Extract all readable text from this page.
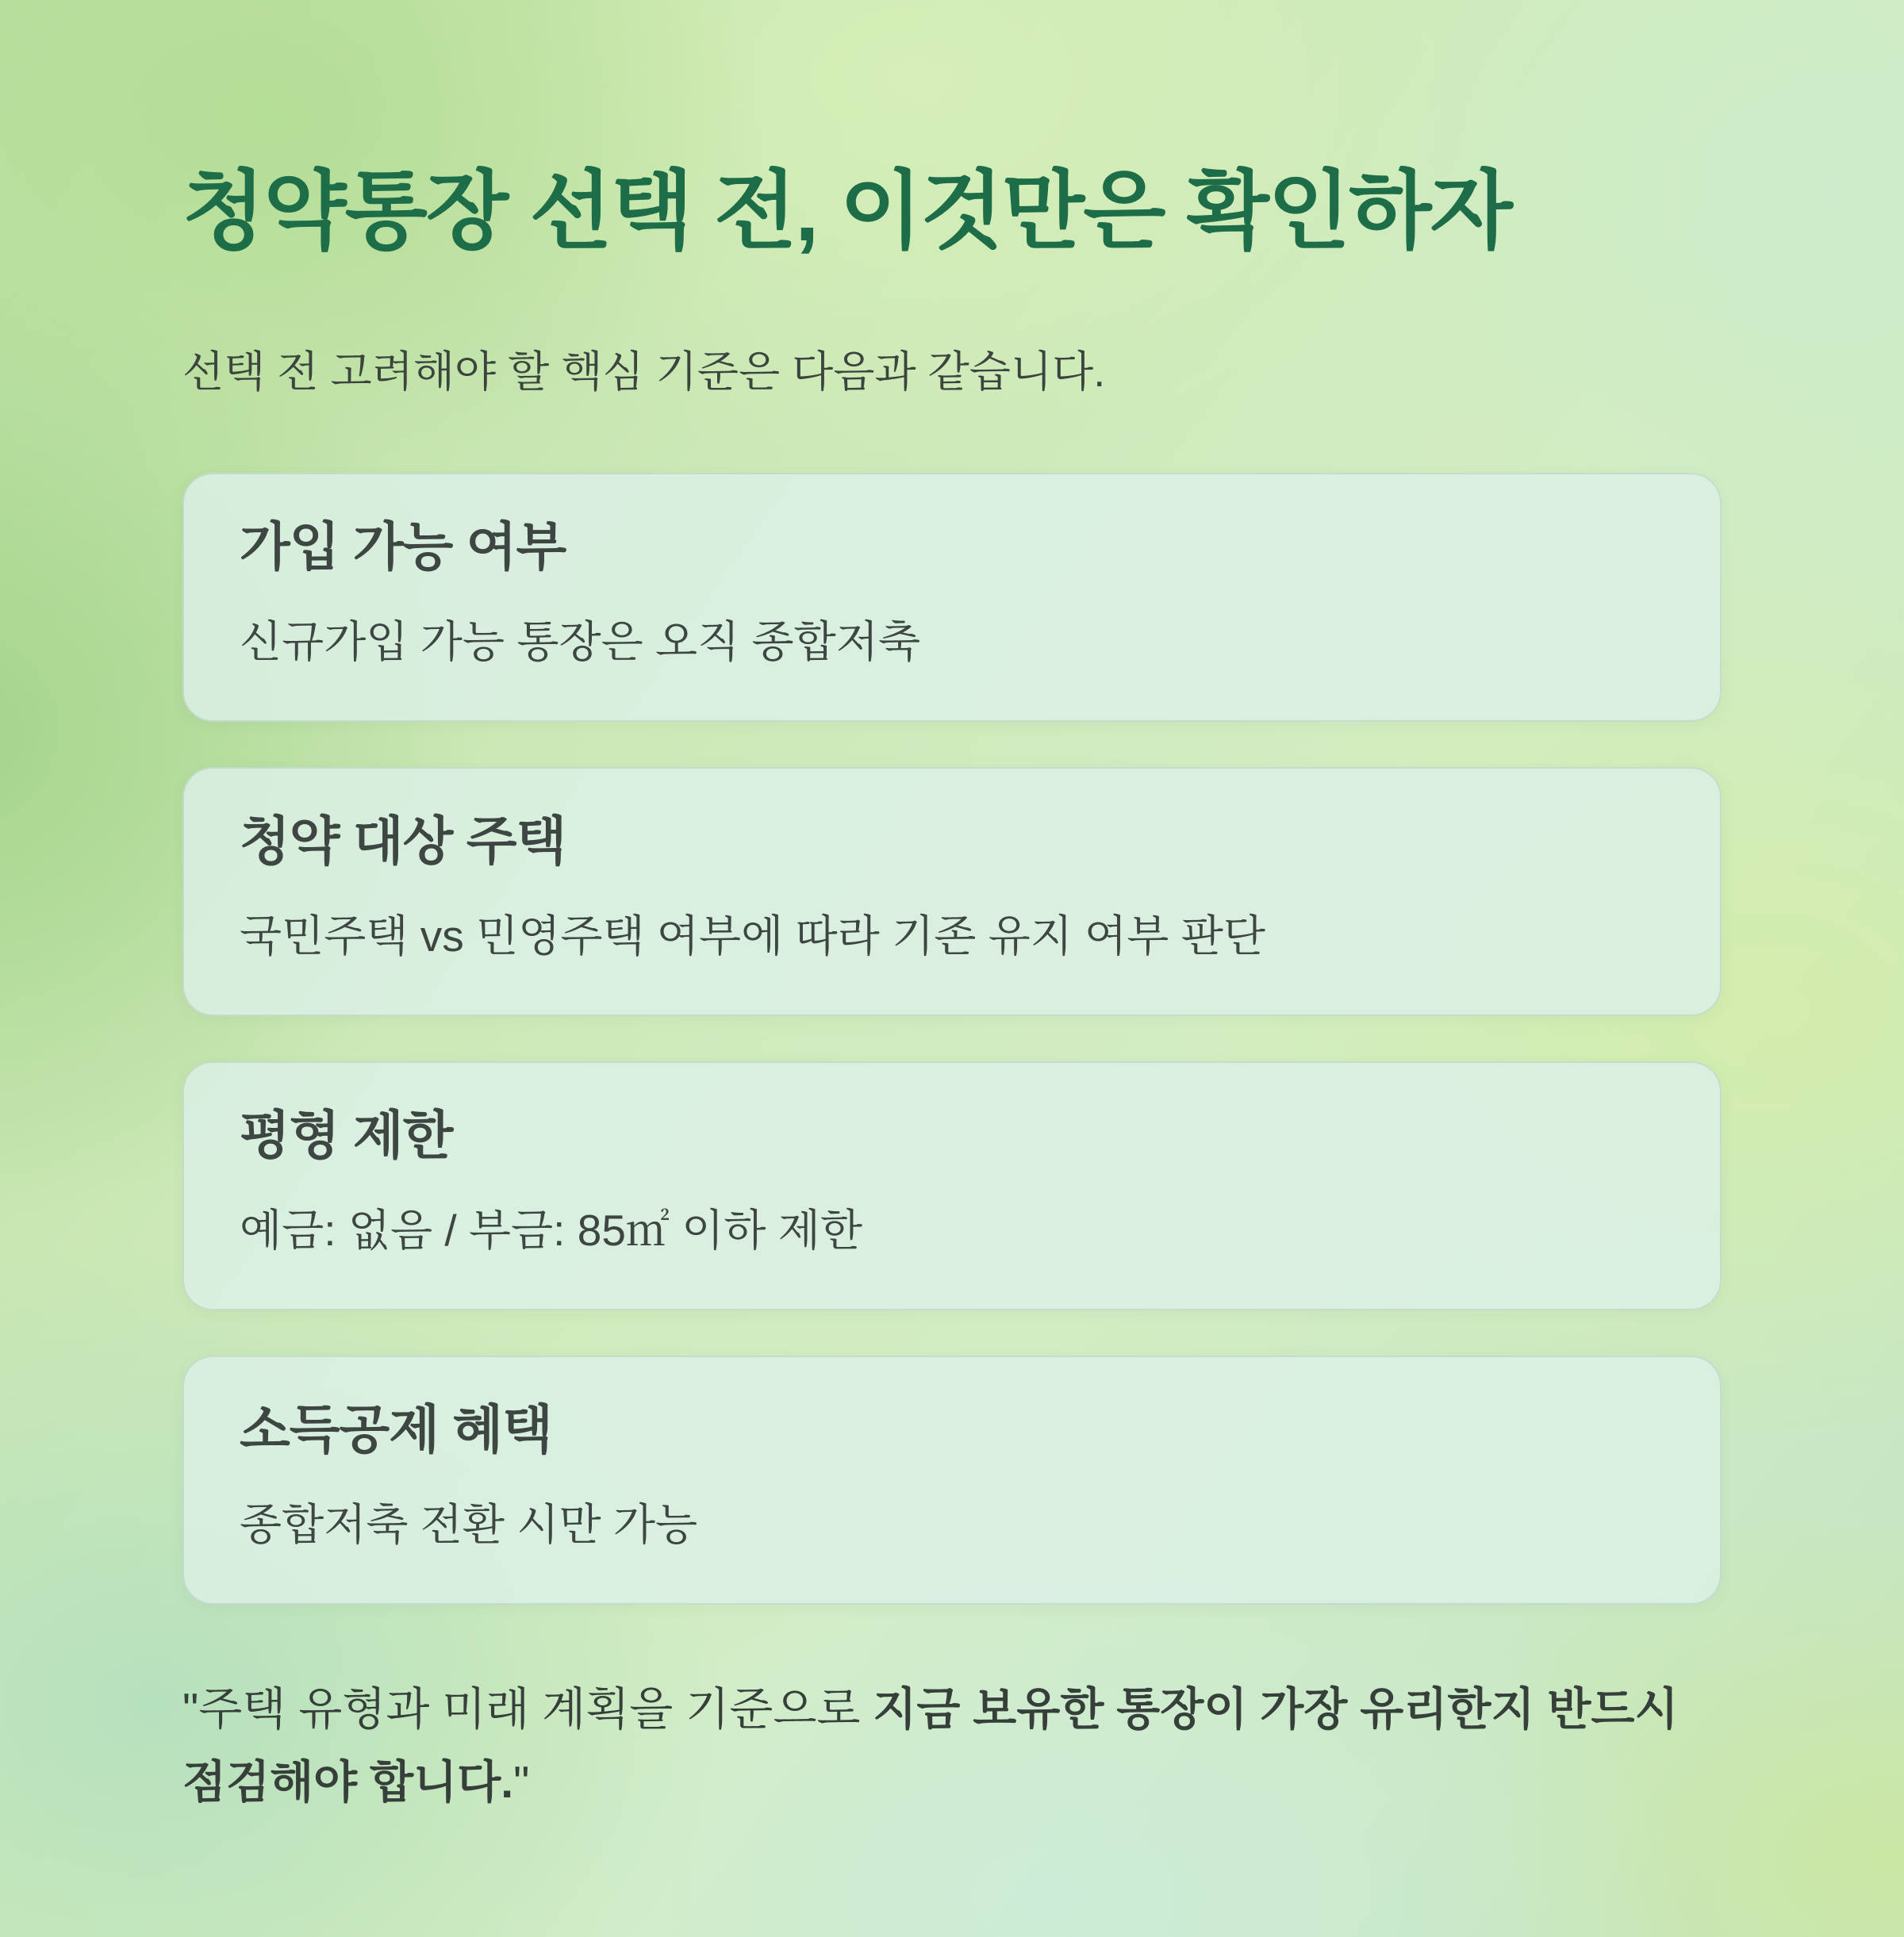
청약통장 선택 전, 이것만은 확인하자

선택 전 고려해야 할 핵심 기준은 다음과 같습니다.

가입 가능 여부

신규가입 가능 통장은 오직 종합저축

청약 대상 주택

국민주택 vs 민영주택 여부에 따라 기존 유지 여부 판단

평형 제한

예금: 없음 / 부금: 85㎡ 이하 제한

소득공제 혜택

종합저축 전환 시만 가능

"주택 유형과 미래 계획을 기준으로 지금 보유한 통장이 가장 유리한지 반드시 점검해야 합니다."
